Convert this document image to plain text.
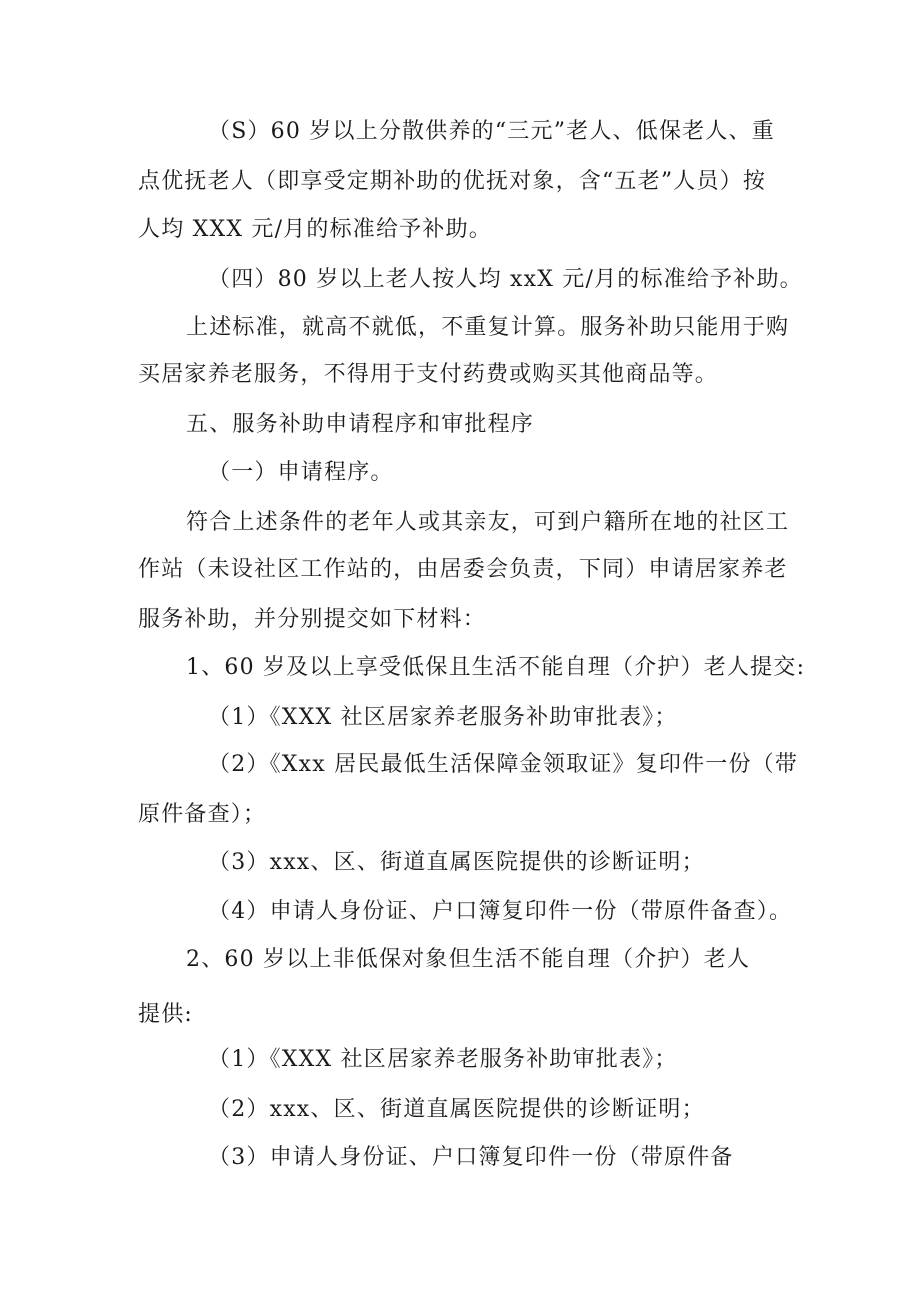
（S）60 岁以上分散供养的“三元”老人、低保老人、重
点优抚老人（即享受定期补助的优抚对象，含“五老”人员）按
人均 XXX 元/月的标准给予补助。
（四）80 岁以上老人按人均 xxX 元/月的标准给予补助。
上述标准，就高不就低，不重复计算。服务补助只能用于购
买居家养老服务，不得用于支付药费或购买其他商品等。
五、服务补助申请程序和审批程序
（一）申请程序。
符合上述条件的老年人或其亲友，可到户籍所在地的社区工
作站（未设社区工作站的，由居委会负责，下同）申请居家养老
服务补助，并分别提交如下材料：
1、60 岁及以上享受低保且生活不能自理（介护）老人提交:
（1）《XXX 社区居家养老服务补助审批表》；
（2）《Xxx 居民最低生活保障金领取证》复印件一份（带
原件备查）；
（3）xxx、区、街道直属医院提供的诊断证明；
（4）申请人身份证、户口簿复印件一份（带原件备查）。
2、60 岁以上非低保对象但生活不能自理（介护）老人
提供:
（1）《XXX 社区居家养老服务补助审批表》；
（2）xxx、区、街道直属医院提供的诊断证明；
（3）申请人身份证、户口簿复印件一份（带原件备
